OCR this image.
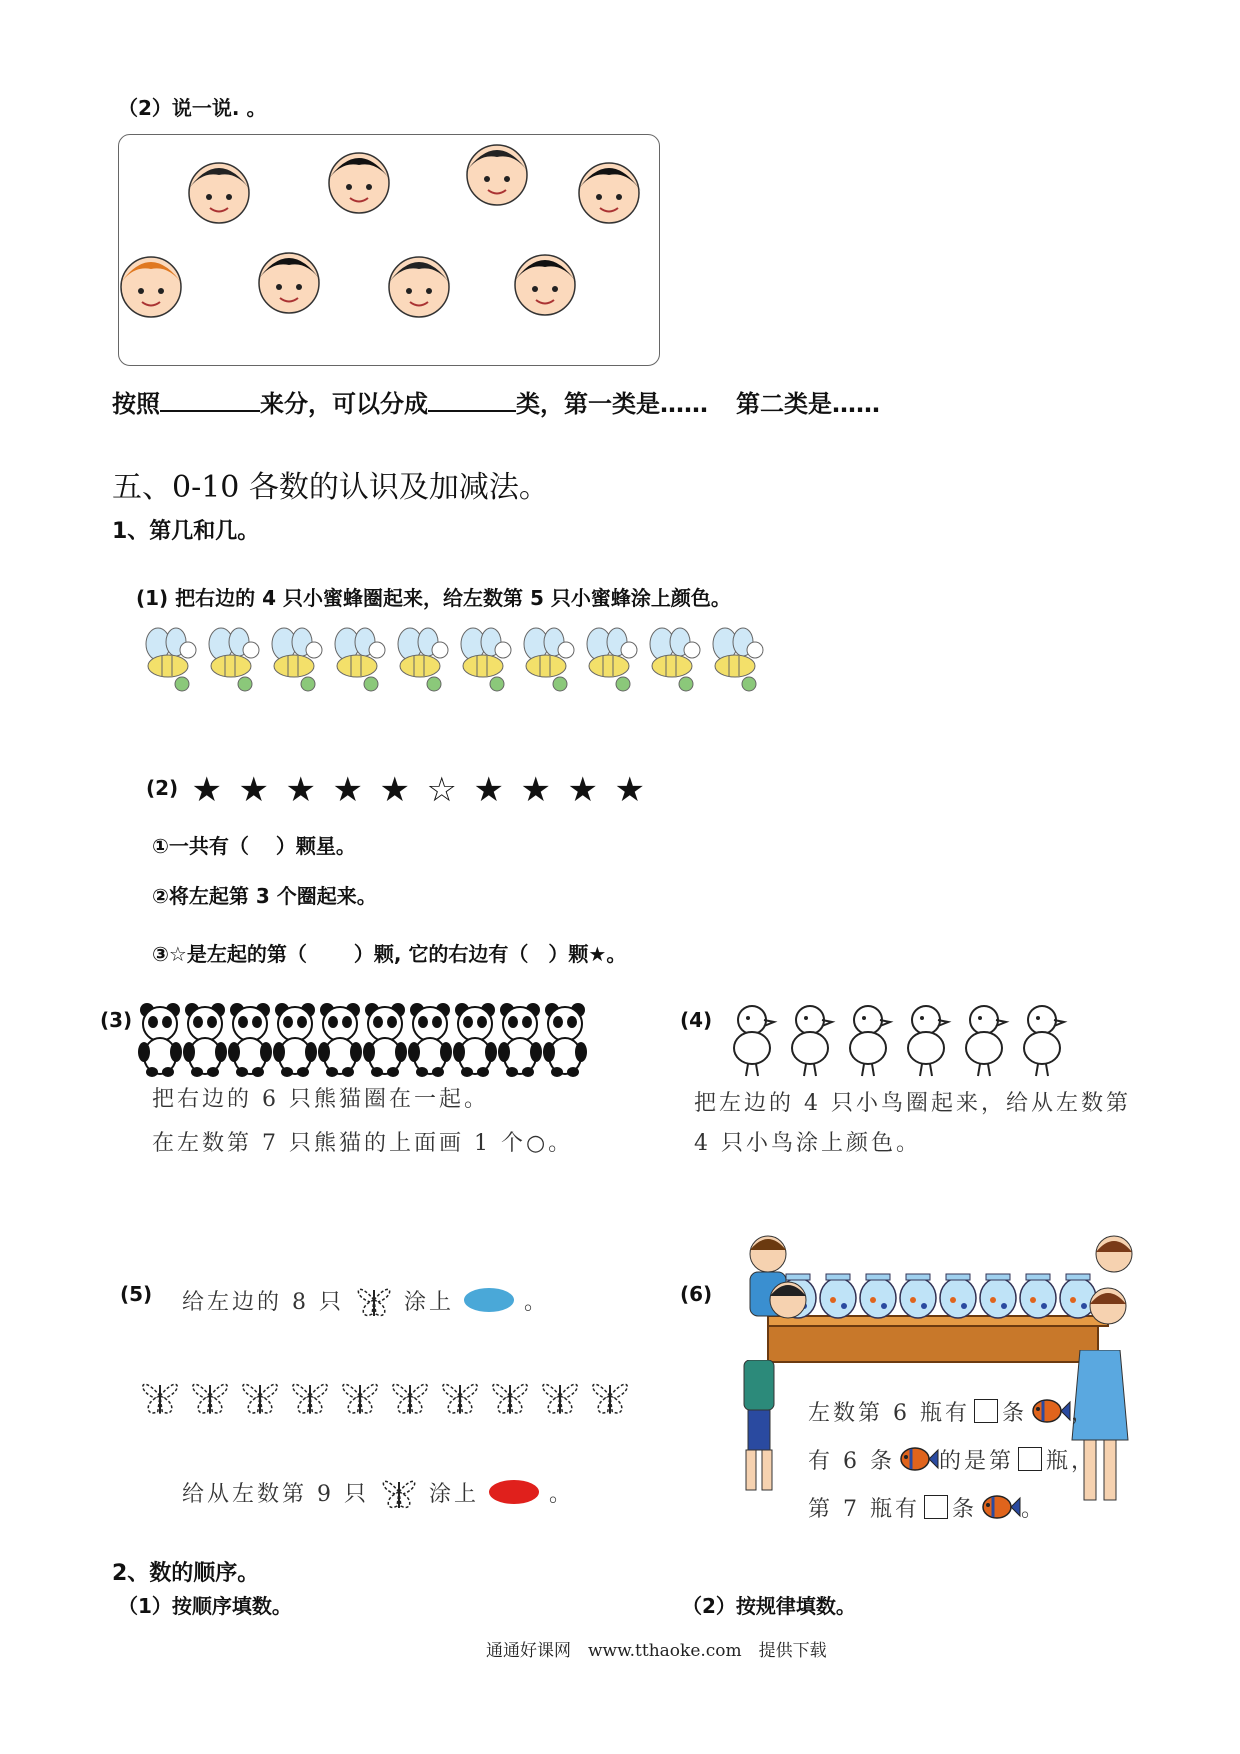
（2）说一说. 。
按照	来分，可以分成	类，第一类是…… 第二类是……
五、0-10 各数的认识及加减法。
1、第几和几。
(1) 把右边的 4 只小蜜蜂圈起来，给左数第 5 只小蜜蜂涂上颜色。
(2) ★ ★ ★ ★ ★ ☆ ★ ★ ★ ★
①一共有（　 ）颗星。
②将左起第 3 个圈起来。
③☆是左起的第（　　 ）颗, 它的右边有（　）颗★。
(3)
把右边的 6 只熊猫圈在一起。
在左数第 7 只熊猫的上面画 1 个○。
(4)
把左边的 4 只小鸟圈起来，给从左数第
4 只小鸟涂上颜色。
(5) 给左边的 8 只	涂上	。
给从左数第 9 只	涂上	。
(6)
左数第 6 瓶有 条 ，
有 6 条 的是第 瓶，
第 7 瓶有 条 。
2、数的顺序。
（1）按顺序填数。	（2）按规律填数。
通通好课网　www.tthaoke.com　提供下载
